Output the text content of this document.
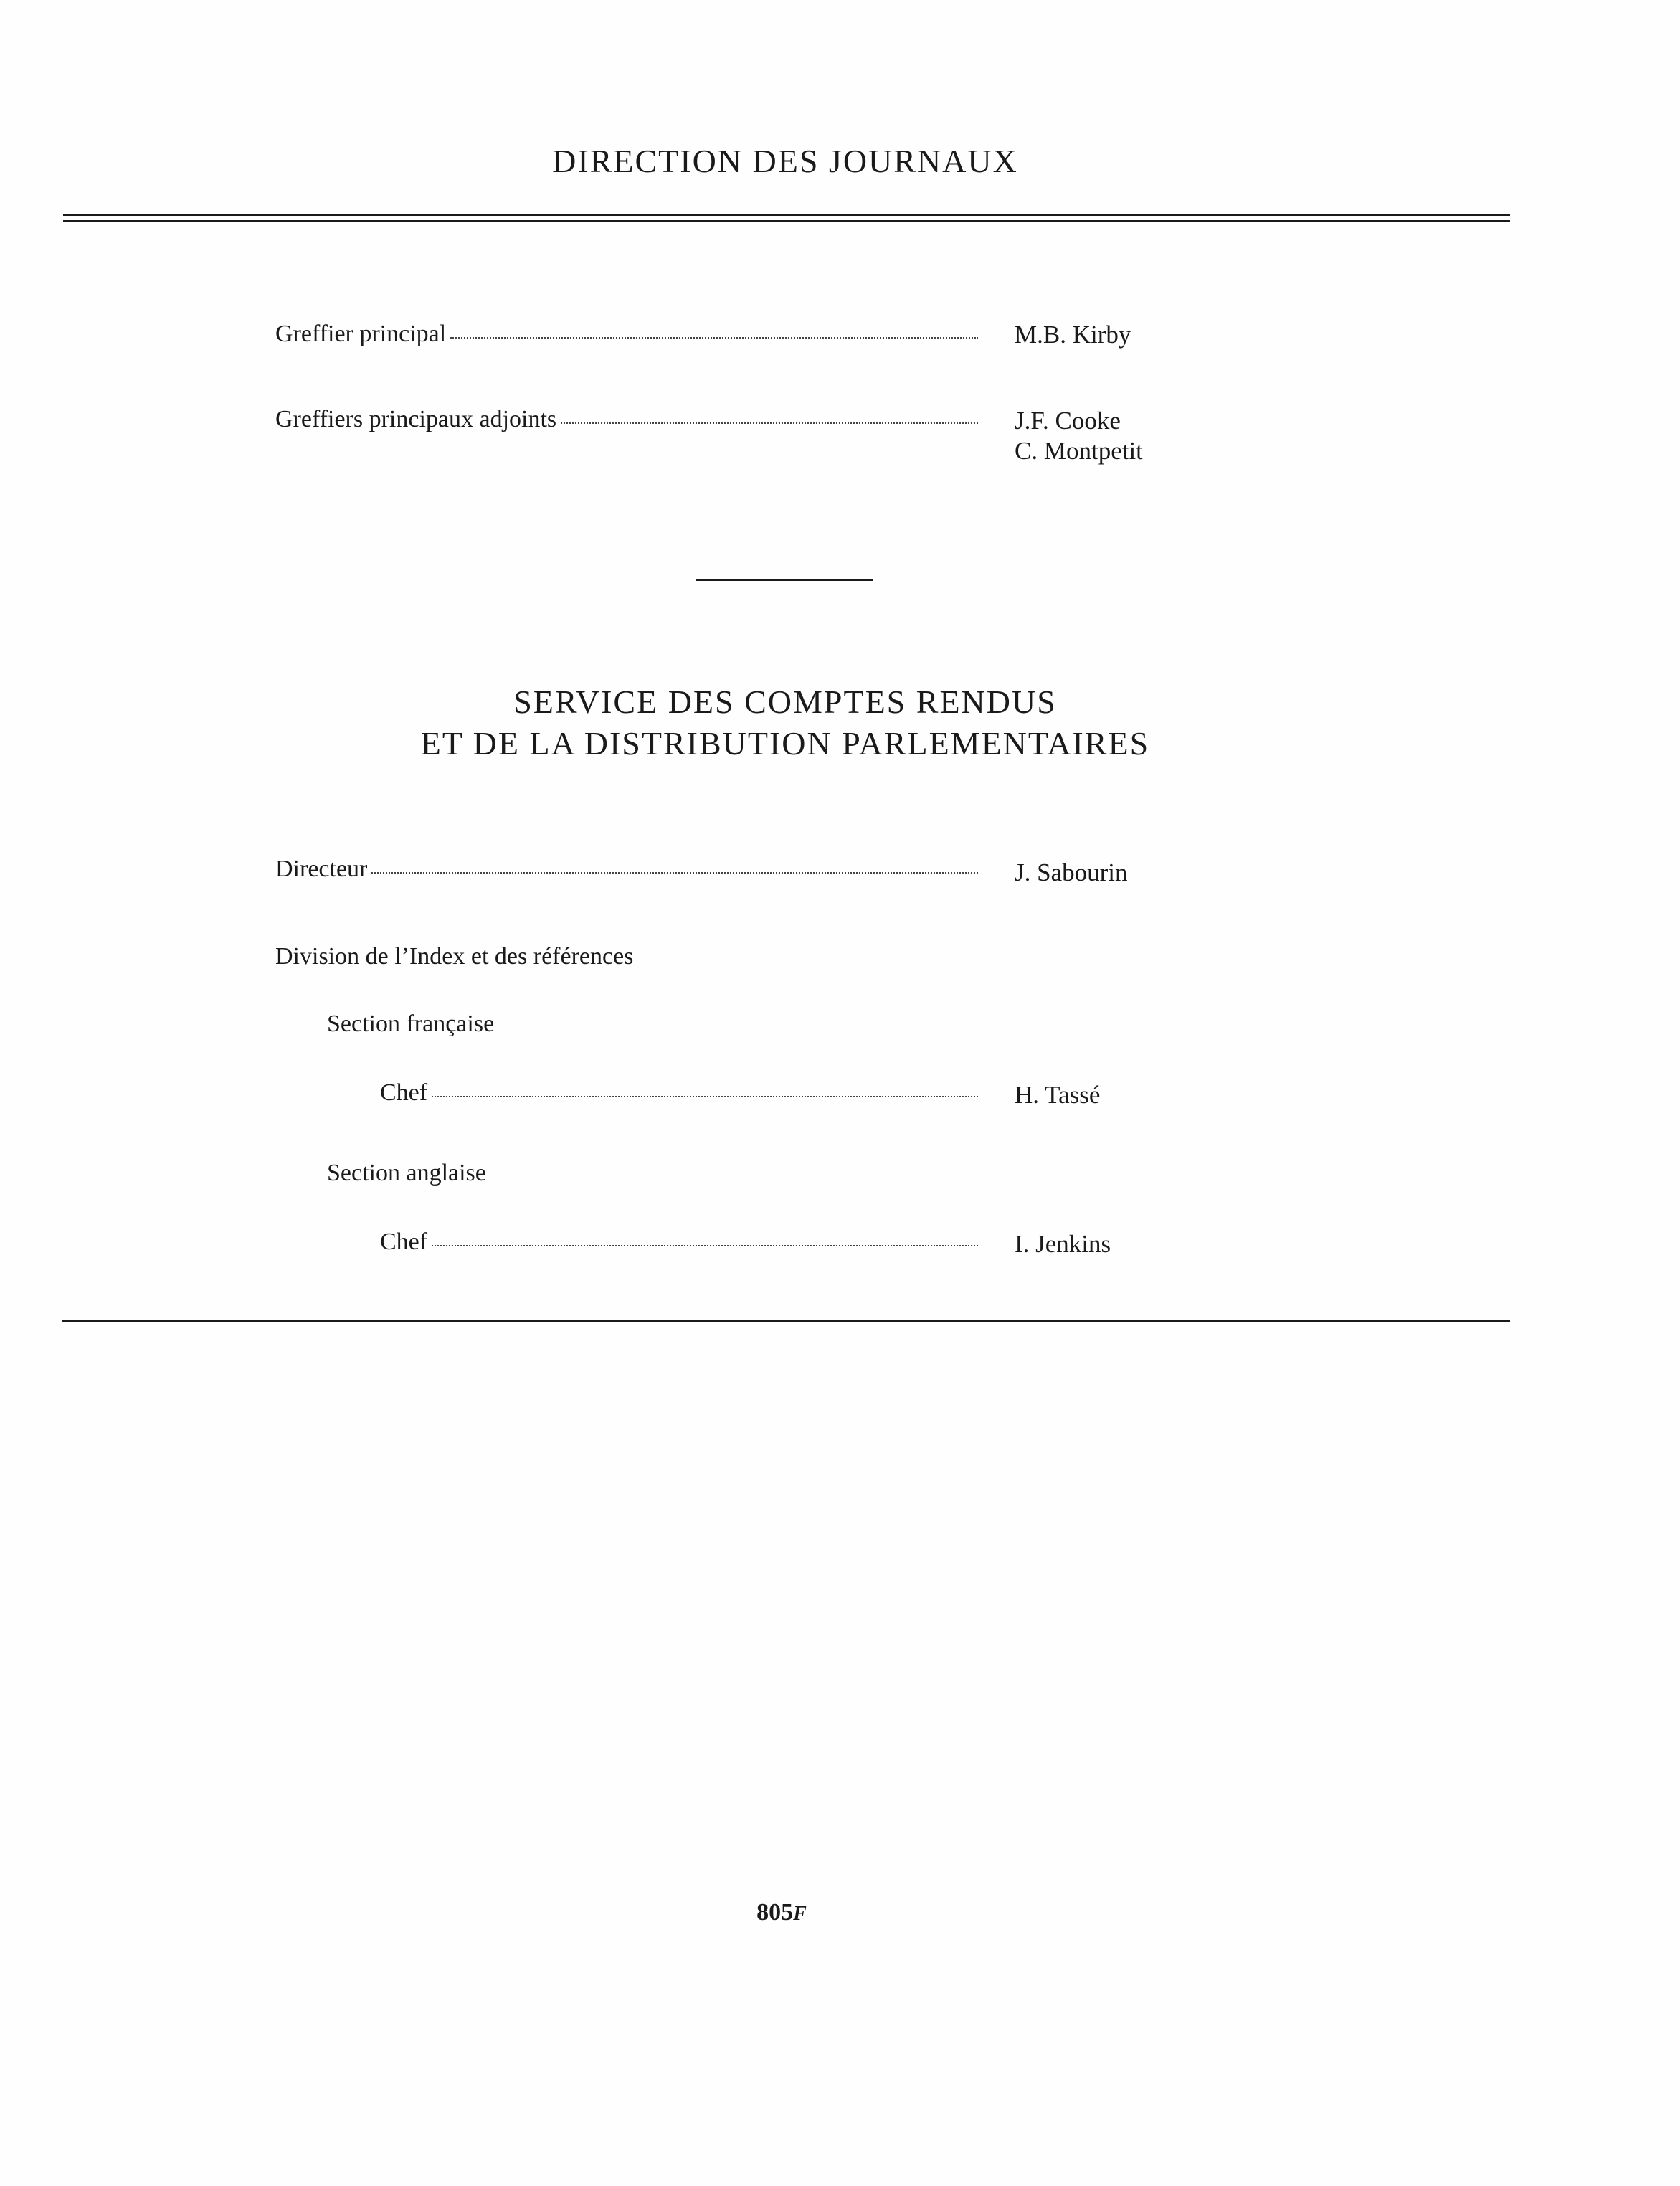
DIRECTION DES JOURNAUX
Greffier principal	M.B. Kirby
Greffiers principaux adjoints	J.F. Cooke
C. Montpetit
SERVICE DES COMPTES RENDUS
ET DE LA DISTRIBUTION PARLEMENTAIRES
Directeur	J. Sabourin
Division de l’Index et des références
Section française
Chef	H. Tassé
Section anglaise
Chef	I. Jenkins
805F
